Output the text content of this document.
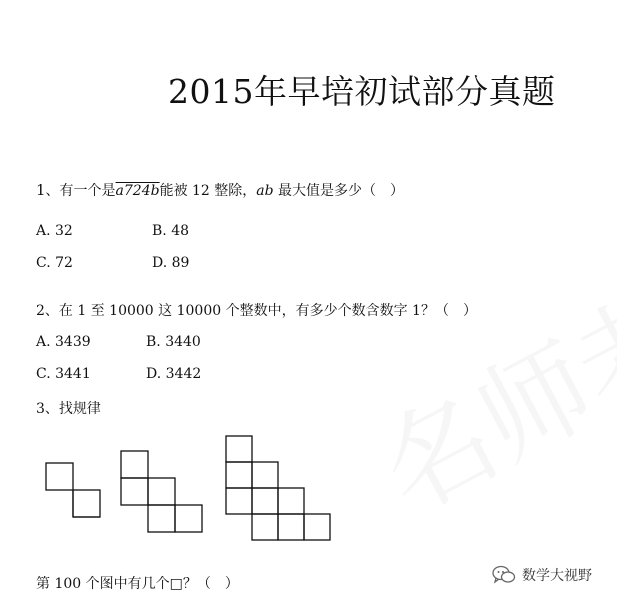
2015年早培初试部分真题
1、有一个是a724b能被 12 整除，ab 最大值是多少（　）
A. 32	B. 48
C. 72	D. 89
2、在 1 至 10000 这 10000 个整数中，有多少个数含数字 1？（　）
A. 3439	B. 3440
C. 3441	D. 3442
3、找规律
第 100 个图中有几个□？（　）	数学大视野
